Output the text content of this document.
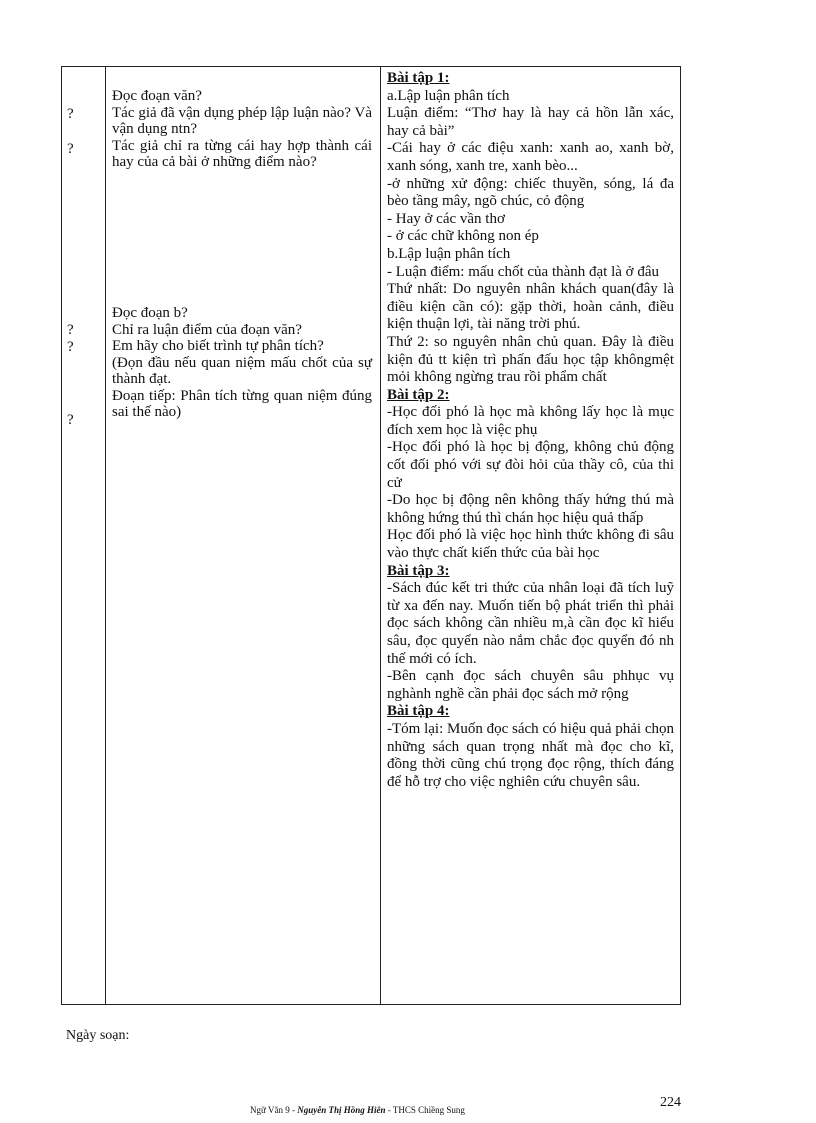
?
?
?
?
?

Đọc đoạn văn?

Tác giả đã vận dụng phép lập luận nào? Và vận dụng ntn?

Tác giả chỉ ra từng cái hay hợp thành cái hay của cả bài ở những điểm nào?

Đọc đoạn b?

Chỉ ra luận điểm của đoạn văn?

Em hãy cho biết trình tự phân tích?

(Đọn đầu nếu quan niệm mấu chốt của sự thành đạt.

Đoạn tiếp: Phân tích từng quan niệm đúng sai thế nào)

Bài tập 1:

a.Lập luận phân tích

Luận điểm: “Thơ hay là hay cả hồn lẫn xác, hay cả bài”

-Cái hay ở các điệu xanh: xanh ao, xanh bờ, xanh sóng, xanh tre, xanh bèo...

-ở những xử động: chiếc thuyền, sóng, lá đa bèo tầng mây, ngõ chúc, cỏ động

- Hay ở các vần thơ

- ở các chữ không non ép

b.Lập luận phân tích

- Luận điểm: mấu chốt của thành đạt là ở đâu

Thứ nhất: Do nguyên nhân khách quan(đây là điều kiện cần có): gặp thời, hoàn cảnh, điều kiện thuận lợi, tài năng trời phú.

Thứ 2: so nguyên nhân chủ quan. Đây là điều kiện đủ tt kiện trì phấn đấu học tập khôngmệt mỏi không ngừng trau rồi phẩm chất

Bài tập 2:

-Học đối phó là học mà không lấy học là mục đích xem học là việc phụ

-Học đối phó là học bị động, không chủ động cốt đối phó với sự đòi hỏi của thầy cô, của thi cử

-Do học bị động nên không thấy hứng thú mà không hứng thú thì chán học hiệu quả thấp

Học đối phó là việc học hình thức không đi sâu vào thực chất kiến thức của bài học

Bài tập 3:

-Sách đúc kết tri thức của nhân loại đã tích luỹ từ xa đến nay. Muốn tiến bộ phát triển thì phải đọc sách không cần nhiều m,à cần đọc kĩ hiểu sâu, đọc quyển nào nắm chắc đọc quyển đó nh thế mới có ích.

-Bên cạnh đọc sách chuyên sâu phhục vụ nghành nghề cần phải đọc sách mở rộng

Bài tập 4:

-Tóm lại: Muốn đọc sách có hiệu quả phải chọn những sách quan trọng nhất mà đọc cho kĩ, đồng thời cũng chú trọng đọc rộng, thích đáng để hỗ trợ cho việc nghiên cứu chuyên sâu.

Ngày soạn:
224
Ngữ Văn 9 - Nguyễn Thị Hồng Hiên - THCS Chiềng Sung
